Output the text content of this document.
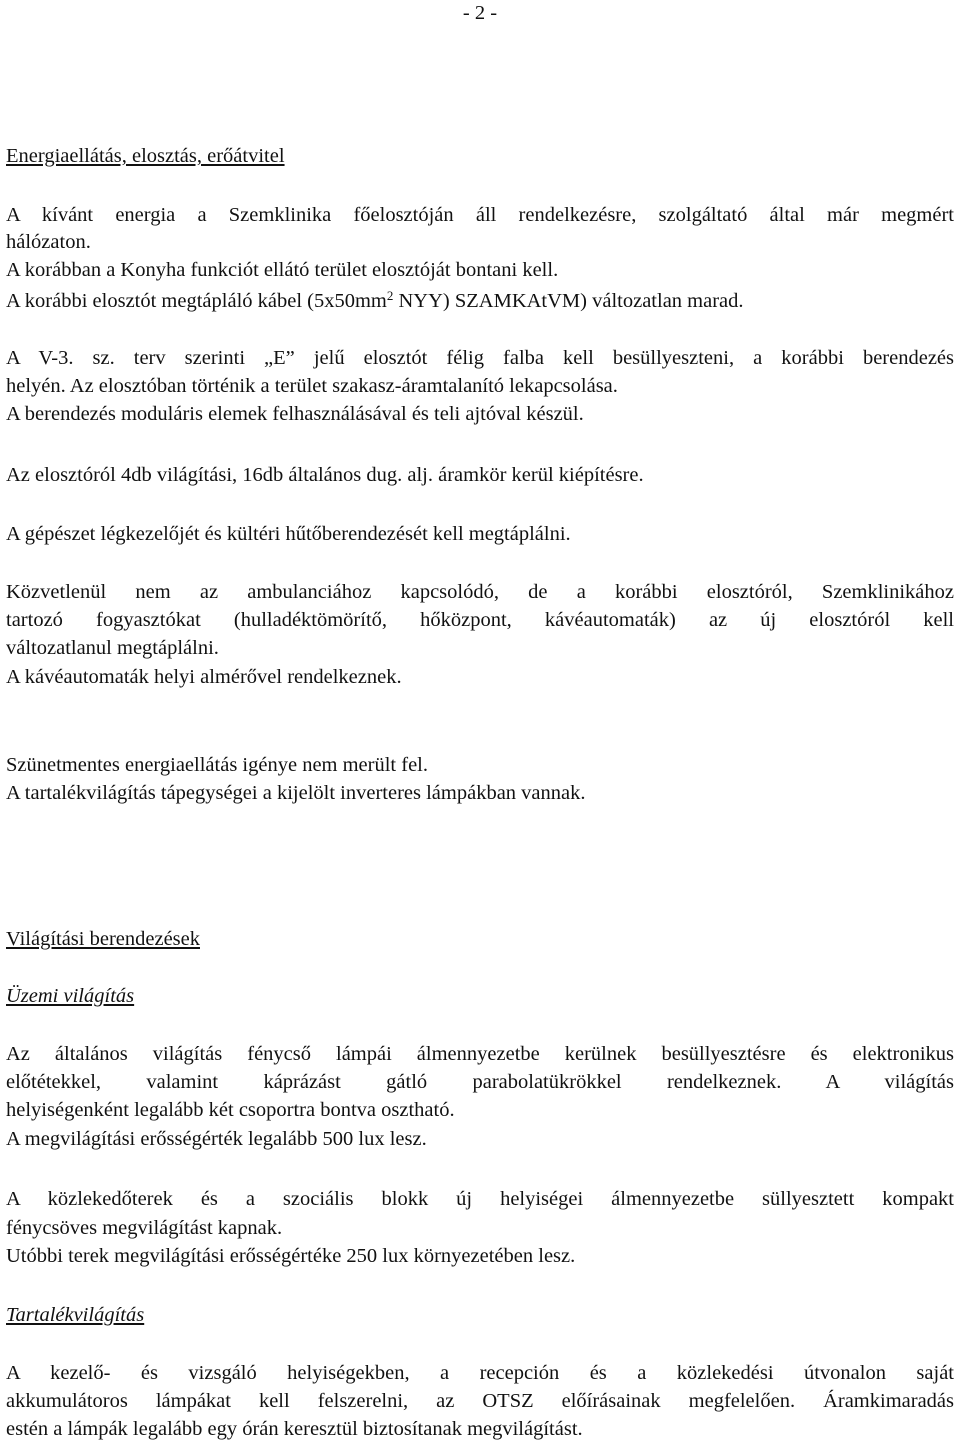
- 2 -
Energiaellátás, elosztás, erőátvitel
A kívánt energia a Szemklinika főelosztóján áll rendelkezésre, szolgáltató által már megmért
hálózaton.
A korábban a Konyha funkciót ellátó terület elosztóját bontani kell.
A korábbi elosztót megtápláló kábel ($5x50mm^2$ NYY) SZAMKAtVM) változatlan marad.
A V-3. sz. terv szerinti „E” jelű elosztót félig falba kell besüllyeszteni, a korábbi berendezés
helyén. Az elosztóban történik a terület szakasz-áramtalanító lekapcsolása.
A berendezés moduláris elemek felhasználásával és teli ajtóval készül.
Az elosztóról 4db világítási, 16db általános dug. alj. áramkör kerül kiépítésre.
A gépészet légkezelőjét és kültéri hűtőberendezését kell megtáplálni.
Közvetlenül nem az ambulanciához kapcsolódó, de a korábbi elosztóról, Szemklinikához
tartozó fogyasztókat (hulladéktömörítő, hőközpont, kávéautomaták) az új elosztóról kell
változatlanul megtáplálni.
A kávéautomaták helyi almérővel rendelkeznek.
Szünetmentes energiaellátás igénye nem merült fel.
A tartalékvilágítás tápegységei a kijelölt inverteres lámpákban vannak.
Világítási berendezések
Üzemi világítás
Az általános világítás fénycső lámpái álmennyezetbe kerülnek besüllyesztésre és elektronikus
előtétekkel, valamint káprázást gátló parabolatükrökkel rendelkeznek. A világítás
helyiségenként legalább két csoportra bontva osztható.
A megvilágítási erősségérték legalább 500 lux lesz.
A közlekedőterek és a szociális blokk új helyiségei álmennyezetbe süllyesztett kompakt
fénycsöves megvilágítást kapnak.
Utóbbi terek megvilágítási erősségértéke 250 lux környezetében lesz.
Tartalékvilágítás
A kezelő- és vizsgáló helyiségekben, a recepción és a közlekedési útvonalon saját
akkumulátoros lámpákat kell felszerelni, az OTSZ előírásainak megfelelően. Áramkimaradás
estén a lámpák legalább egy órán keresztül biztosítanak megvilágítást.
